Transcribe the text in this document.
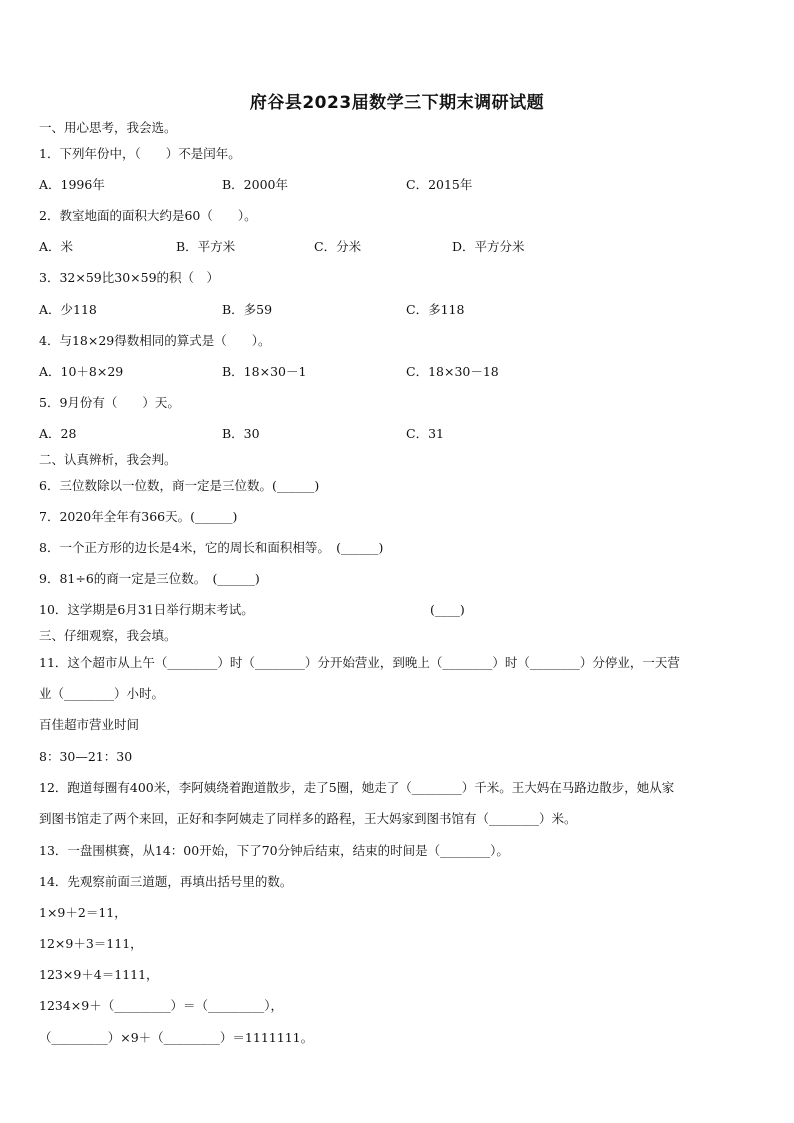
府谷县2023届数学三下期末调研试题
一、用心思考，我会选。
1．下列年份中，（　　）不是闰年。
A．1996年	B．2000年	C．2015年
2．教室地面的面积大约是60（　　）。
A．米	B．平方米	C．分米	D．平方分米
3．32×59比30×59的积（　）
A．少118	B．多59	C．多118
4．与18×29得数相同的算式是（　　）。
A．10＋8×29	B．18×30－1	C．18×30－18
5．9月份有（　　）天。
A．28	B．30	C．31
二、认真辨析，我会判。
6．三位数除以一位数，商一定是三位数。(______)
7．2020年全年有366天。(______)
8．一个正方形的边长是4米，它的周长和面积相等。　(______)
9．81÷6的商一定是三位数。　(______)
10．这学期是6月31日举行期末考试。	(____)
三、仔细观察，我会填。
11．这个超市从上午（________）时（________）分开始营业，到晚上（________）时（________）分停业，一天营
业（________）小时。
百佳超市营业时间
8：30—21：30
12．跑道每圈有400米，李阿姨绕着跑道散步，走了5圈，她走了（________）千米。王大妈在马路边散步，她从家
到图书馆走了两个来回，正好和李阿姨走了同样多的路程，王大妈家到图书馆有（________）米。
13．一盘围棋赛，从14：00开始，下了70分钟后结束，结束的时间是（________）。
14．先观察前面三道题，再填出括号里的数。
1×9＋2＝11，
12×9＋3＝111，
123×9＋4＝1111，
1234×9＋（_________）＝（_________），
（_________）×9＋（_________）＝1111111。
